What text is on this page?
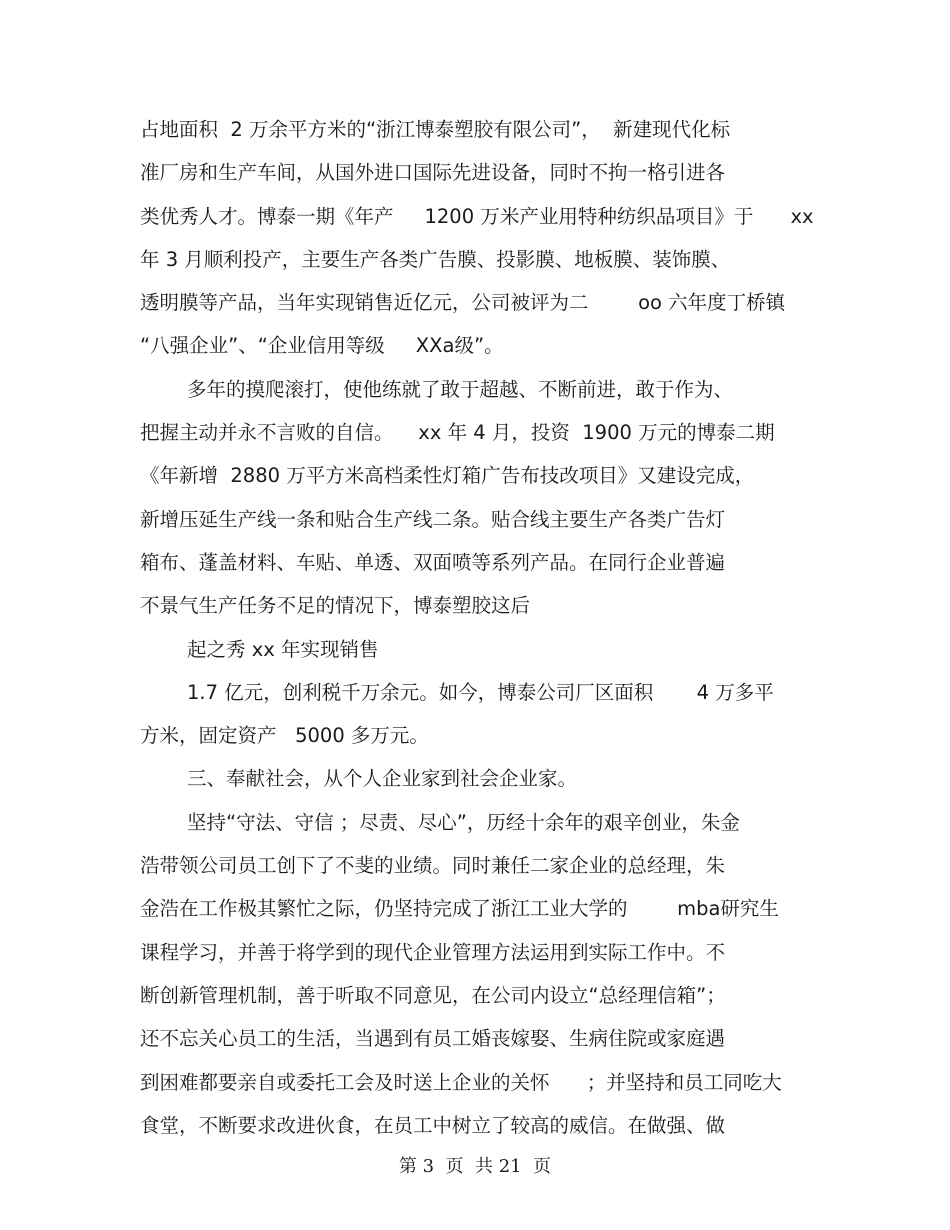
占地面积  2 万余平方米的“浙江博泰塑胶有限公司”，  新建现代化标
准厂房和生产车间，从国外进口国际先进设备，同时不拘一格引进各
类优秀人才。博泰一期《年产     1200 万米产业用特种纺织品项目》于      xx
年 3 月顺利投产，主要生产各类广告膜、投影膜、地板膜、装饰膜、
透明膜等产品，当年实现销售近亿元，公司被评为二        oo 六年度丁桥镇
“八强企业”、“企业信用等级     XXa级”。
多年的摸爬滚打，使他练就了敢于超越、不断前进，敢于作为、
把握主动并永不言败的自信。    xx 年 4 月，投资  1900 万元的博泰二期
《年新增  2880 万平方米高档柔性灯箱广告布技改项目》又建设完成，
新增压延生产线一条和贴合生产线二条。贴合线主要生产各类广告灯
箱布、蓬盖材料、车贴、单透、双面喷等系列产品。在同行企业普遍
不景气生产任务不足的情况下，博泰塑胶这后
起之秀 xx 年实现销售
1.7 亿元，创利税千万余元。如今，博泰公司厂区面积       4 万多平
方米，固定资产   5000 多万元。
三、奉献社会，从个人企业家到社会企业家。
坚持“守法、守信 ；尽责、尽心”，历经十余年的艰辛创业，朱金
浩带领公司员工创下了不斐的业绩。同时兼任二家企业的总经理，朱
金浩在工作极其繁忙之际，仍坚持完成了浙江工业大学的        mba研究生
课程学习，并善于将学到的现代企业管理方法运用到实际工作中。不
断创新管理机制，善于听取不同意见，在公司内设立“总经理信箱”；
还不忘关心员工的生活，当遇到有员工婚丧嫁娶、生病住院或家庭遇
到困难都要亲自或委托工会及时送上企业的关怀      ；并坚持和员工同吃大
食堂，不断要求改进伙食，在员工中树立了较高的威信。在做强、做
第 3  页  共 21  页
